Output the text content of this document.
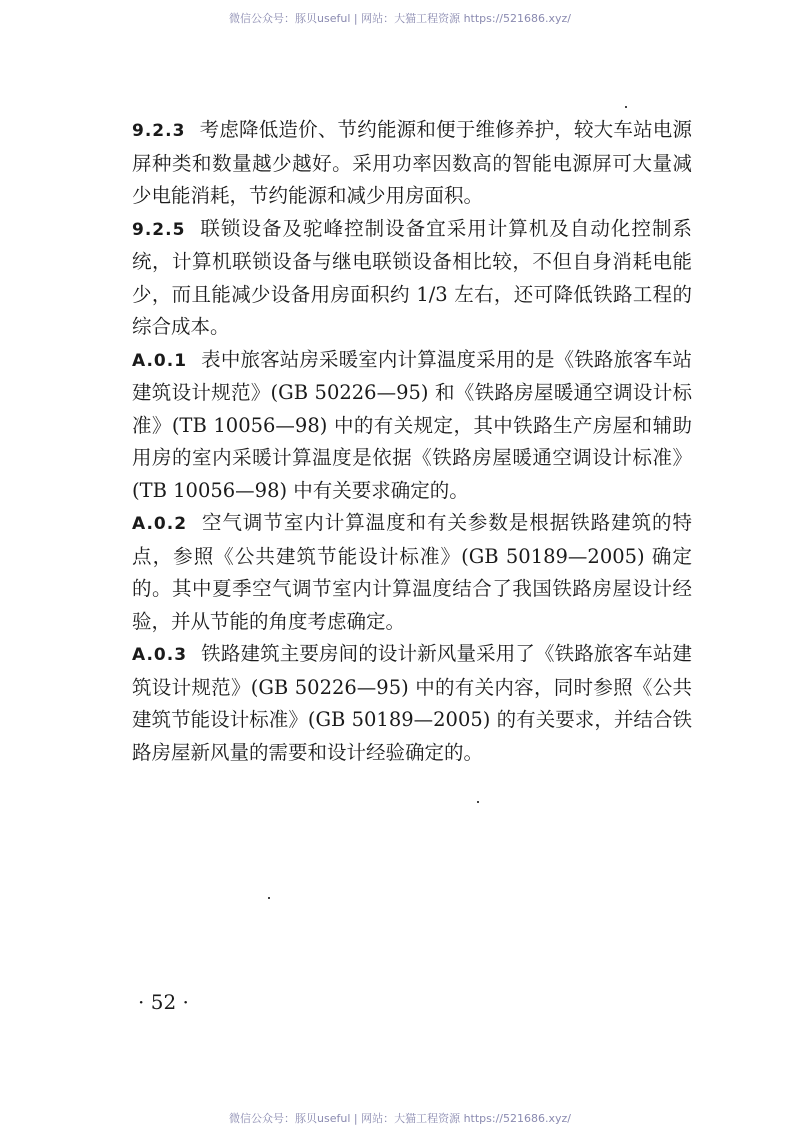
微信公众号：豚贝useful | 网站：大猫工程资源 https://521686.xyz/

9.2.3 考虑降低造价、节约能源和便于维修养护，较大车站电源屏种类和数量越少越好。采用功率因数高的智能电源屏可大量减少电能消耗，节约能源和减少用房面积。

9.2.5 联锁设备及驼峰控制设备宜采用计算机及自动化控制系统，计算机联锁设备与继电联锁设备相比较，不但自身消耗电能少，而且能减少设备用房面积约 1/3 左右，还可降低铁路工程的综合成本。

A.0.1 表中旅客站房采暖室内计算温度采用的是《铁路旅客车站建筑设计规范》(GB 50226—95) 和《铁路房屋暖通空调设计标准》(TB 10056—98) 中的有关规定，其中铁路生产房屋和辅助用房的室内采暖计算温度是依据《铁路房屋暖通空调设计标准》(TB 10056—98) 中有关要求确定的。

A.0.2 空气调节室内计算温度和有关参数是根据铁路建筑的特点，参照《公共建筑节能设计标准》(GB 50189—2005) 确定的。其中夏季空气调节室内计算温度结合了我国铁路房屋设计经验，并从节能的角度考虑确定。

A.0.3 铁路建筑主要房间的设计新风量采用了《铁路旅客车站建筑设计规范》(GB 50226—95) 中的有关内容，同时参照《公共建筑节能设计标准》(GB 50189—2005) 的有关要求，并结合铁路房屋新风量的需要和设计经验确定的。

· 52 ·
微信公众号：豚贝useful | 网站：大猫工程资源 https://521686.xyz/
